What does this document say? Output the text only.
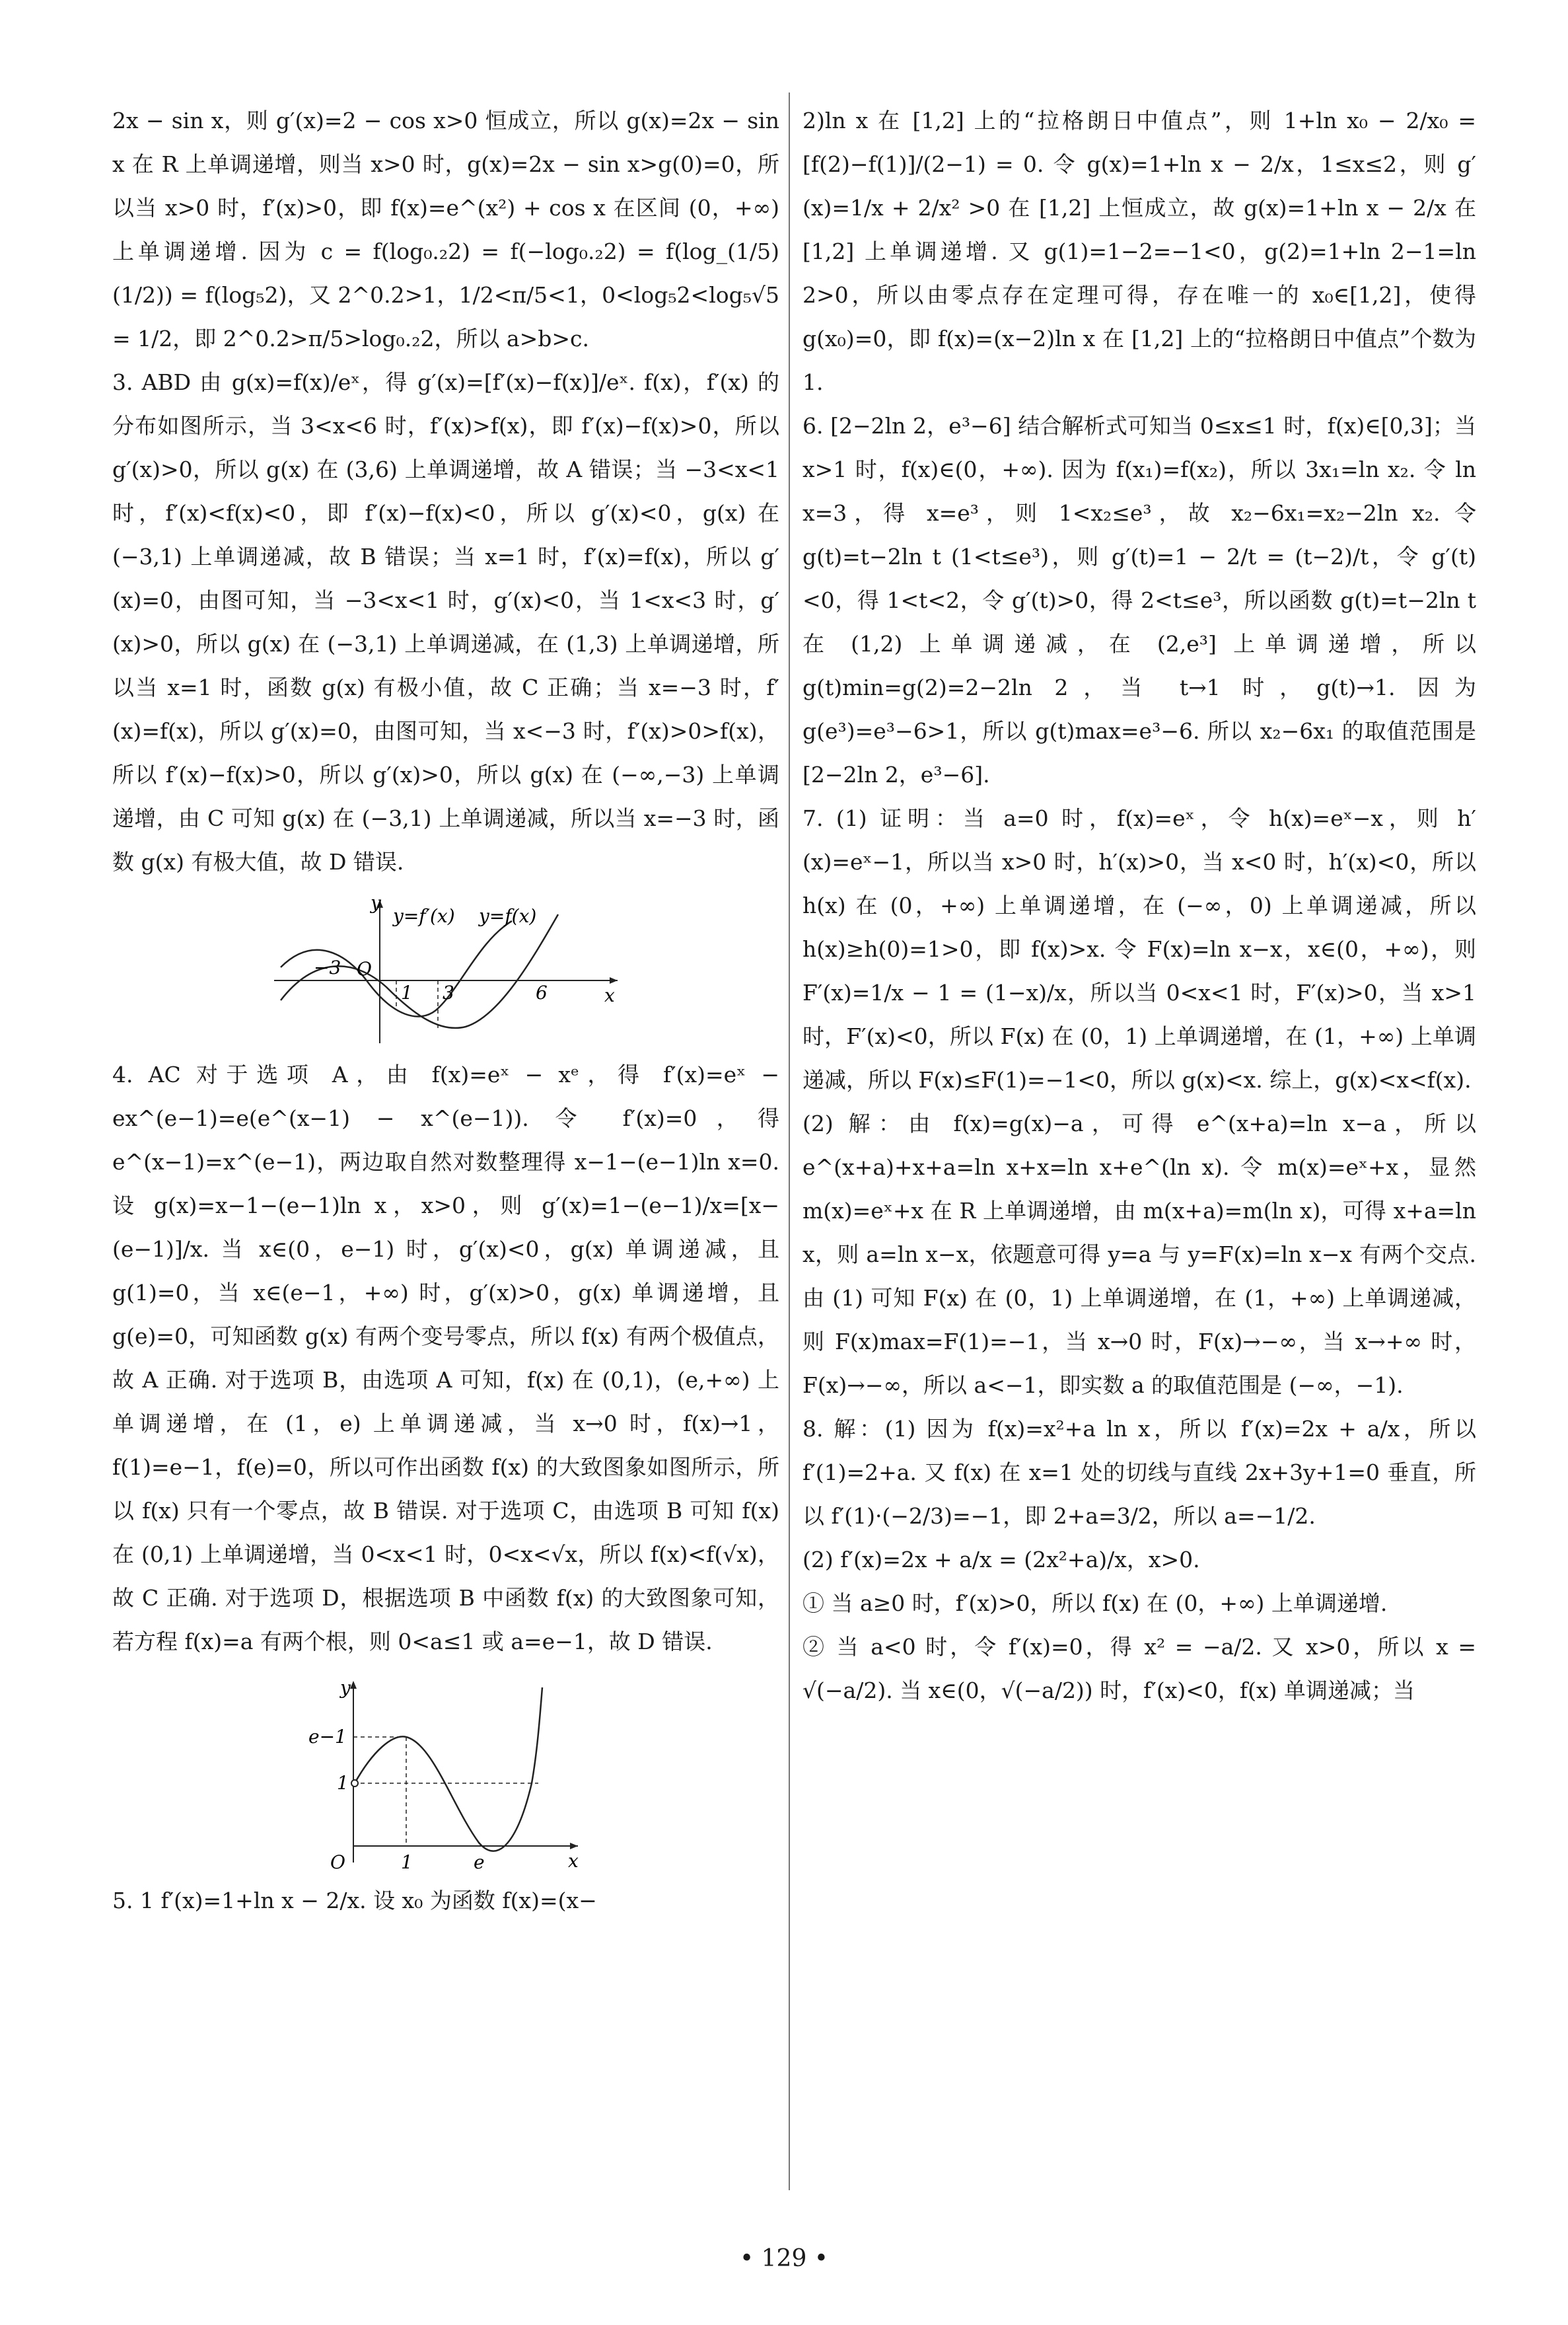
2x − sin x，则 g′(x)=2 − cos x>0 恒成立，所以 g(x)=2x − sin x 在 R 上单调递增，则当 x>0 时，g(x)=2x − sin x>g(0)=0，所以当 x>0 时，f′(x)>0，即 f(x)=e^(x²) + cos x 在区间 (0，+∞) 上单调递增. 因为 c = f(log₀.₂2) = f(−log₀.₂2) = f(log_(1/5) (1/2)) = f(log₅2)，又 2^0.2>1，1/2<π/5<1，0<log₅2<log₅√5 = 1/2，即 2^0.2>π/5>log₀.₂2，所以 a>b>c.

3. ABD 由 g(x)=f(x)/eˣ，得 g′(x)=[f′(x)−f(x)]/eˣ. f(x)，f′(x) 的分布如图所示，当 3<x<6 时，f′(x)>f(x)，即 f′(x)−f(x)>0，所以 g′(x)>0，所以 g(x) 在 (3,6) 上单调递增，故 A 错误；当 −3<x<1 时，f′(x)<f(x)<0，即 f′(x)−f(x)<0，所以 g′(x)<0，g(x) 在 (−3,1) 上单调递减，故 B 错误；当 x=1 时，f′(x)=f(x)，所以 g′(x)=0，由图可知，当 −3<x<1 时，g′(x)<0，当 1<x<3 时，g′(x)>0，所以 g(x) 在 (−3,1) 上单调递减，在 (1,3) 上单调递增，所以当 x=1 时，函数 g(x) 有极小值，故 C 正确；当 x=−3 时，f′(x)=f(x)，所以 g′(x)=0，由图可知，当 x<−3 时，f′(x)>0>f(x)，所以 f′(x)−f(x)>0，所以 g′(x)>0，所以 g(x) 在 (−∞,−3) 上单调递增，由 C 可知 g(x) 在 (−3,1) 上单调递减，所以当 x=−3 时，函数 g(x) 有极大值，故 D 错误.

y
x
O
−3
1 3	6
y=f′(x) y=f(x)

4. AC 对于选项 A，由 f(x)=eˣ − xᵉ，得 f′(x)=eˣ − ex^(e−1)=e(e^(x−1) − x^(e−1)). 令 f′(x)=0，得 e^(x−1)=x^(e−1)，两边取自然对数整理得 x−1−(e−1)ln x=0. 设 g(x)=x−1−(e−1)ln x，x>0，则 g′(x)=1−(e−1)/x=[x−(e−1)]/x. 当 x∈(0，e−1) 时，g′(x)<0，g(x) 单调递减，且 g(1)=0，当 x∈(e−1，+∞) 时，g′(x)>0，g(x) 单调递增，且 g(e)=0，可知函数 g(x) 有两个变号零点，所以 f(x) 有两个极值点，故 A 正确. 对于选项 B，由选项 A 可知，f(x) 在 (0,1)，(e,+∞) 上单调递增，在 (1，e) 上单调递减，当 x→0 时，f(x)→1，f(1)=e−1，f(e)=0，所以可作出函数 f(x) 的大致图象如图所示，所以 f(x) 只有一个零点，故 B 错误. 对于选项 C，由选项 B 可知 f(x) 在 (0,1) 上单调递增，当 0<x<1 时，0<x<√x，所以 f(x)<f(√x)，故 C 正确. 对于选项 D，根据选项 B 中函数 f(x) 的大致图象可知，若方程 f(x)=a 有两个根，则 0<a≤1 或 a=e−1，故 D 错误.

y
x
O
e−1
1
1	e

5. 1 f′(x)=1+ln x − 2/x. 设 x₀ 为函数 f(x)=(x−

2)ln x 在 [1,2] 上的“拉格朗日中值点”，则 1+ln x₀ − 2/x₀ = [f(2)−f(1)]/(2−1) = 0. 令 g(x)=1+ln x − 2/x，1≤x≤2，则 g′(x)=1/x + 2/x² >0 在 [1,2] 上恒成立，故 g(x)=1+ln x − 2/x 在 [1,2] 上单调递增. 又 g(1)=1−2=−1<0，g(2)=1+ln 2−1=ln 2>0，所以由零点存在定理可得，存在唯一的 x₀∈[1,2]，使得 g(x₀)=0，即 f(x)=(x−2)ln x 在 [1,2] 上的“拉格朗日中值点”个数为 1.

6. [2−2ln 2，e³−6] 结合解析式可知当 0≤x≤1 时，f(x)∈[0,3]；当 x>1 时，f(x)∈(0，+∞). 因为 f(x₁)=f(x₂)，所以 3x₁=ln x₂. 令 ln x=3，得 x=e³，则 1<x₂≤e³，故 x₂−6x₁=x₂−2ln x₂. 令 g(t)=t−2ln t (1<t≤e³)，则 g′(t)=1 − 2/t = (t−2)/t，令 g′(t)<0，得 1<t<2，令 g′(t)>0，得 2<t≤e³，所以函数 g(t)=t−2ln t 在 (1,2) 上单调递减，在 (2,e³] 上单调递增，所以 g(t)min=g(2)=2−2ln 2，当 t→1 时，g(t)→1. 因为 g(e³)=e³−6>1，所以 g(t)max=e³−6. 所以 x₂−6x₁ 的取值范围是 [2−2ln 2，e³−6].

7. (1) 证明：当 a=0 时，f(x)=eˣ，令 h(x)=eˣ−x，则 h′(x)=eˣ−1，所以当 x>0 时，h′(x)>0，当 x<0 时，h′(x)<0，所以 h(x) 在 (0，+∞) 上单调递增，在 (−∞，0) 上单调递减，所以 h(x)≥h(0)=1>0，即 f(x)>x. 令 F(x)=ln x−x，x∈(0，+∞)，则 F′(x)=1/x − 1 = (1−x)/x，所以当 0<x<1 时，F′(x)>0，当 x>1 时，F′(x)<0，所以 F(x) 在 (0，1) 上单调递增，在 (1，+∞) 上单调递减，所以 F(x)≤F(1)=−1<0，所以 g(x)<x. 综上，g(x)<x<f(x).

(2) 解：由 f(x)=g(x)−a，可得 e^(x+a)=ln x−a，所以 e^(x+a)+x+a=ln x+x=ln x+e^(ln x). 令 m(x)=eˣ+x，显然 m(x)=eˣ+x 在 R 上单调递增，由 m(x+a)=m(ln x)，可得 x+a=ln x，则 a=ln x−x，依题意可得 y=a 与 y=F(x)=ln x−x 有两个交点. 由 (1) 可知 F(x) 在 (0，1) 上单调递增，在 (1，+∞) 上单调递减，则 F(x)max=F(1)=−1，当 x→0 时，F(x)→−∞，当 x→+∞ 时，F(x)→−∞，所以 a<−1，即实数 a 的取值范围是 (−∞，−1).

8. 解：(1) 因为 f(x)=x²+a ln x，所以 f′(x)=2x + a/x，所以 f′(1)=2+a. 又 f(x) 在 x=1 处的切线与直线 2x+3y+1=0 垂直，所以 f′(1)·(−2/3)=−1，即 2+a=3/2，所以 a=−1/2.

(2) f′(x)=2x + a/x = (2x²+a)/x，x>0.

① 当 a≥0 时，f′(x)>0，所以 f(x) 在 (0，+∞) 上单调递增.

② 当 a<0 时，令 f′(x)=0，得 x² = −a/2. 又 x>0，所以 x = √(−a/2). 当 x∈(0，√(−a/2)) 时，f′(x)<0，f(x) 单调递减；当

• 129 •
